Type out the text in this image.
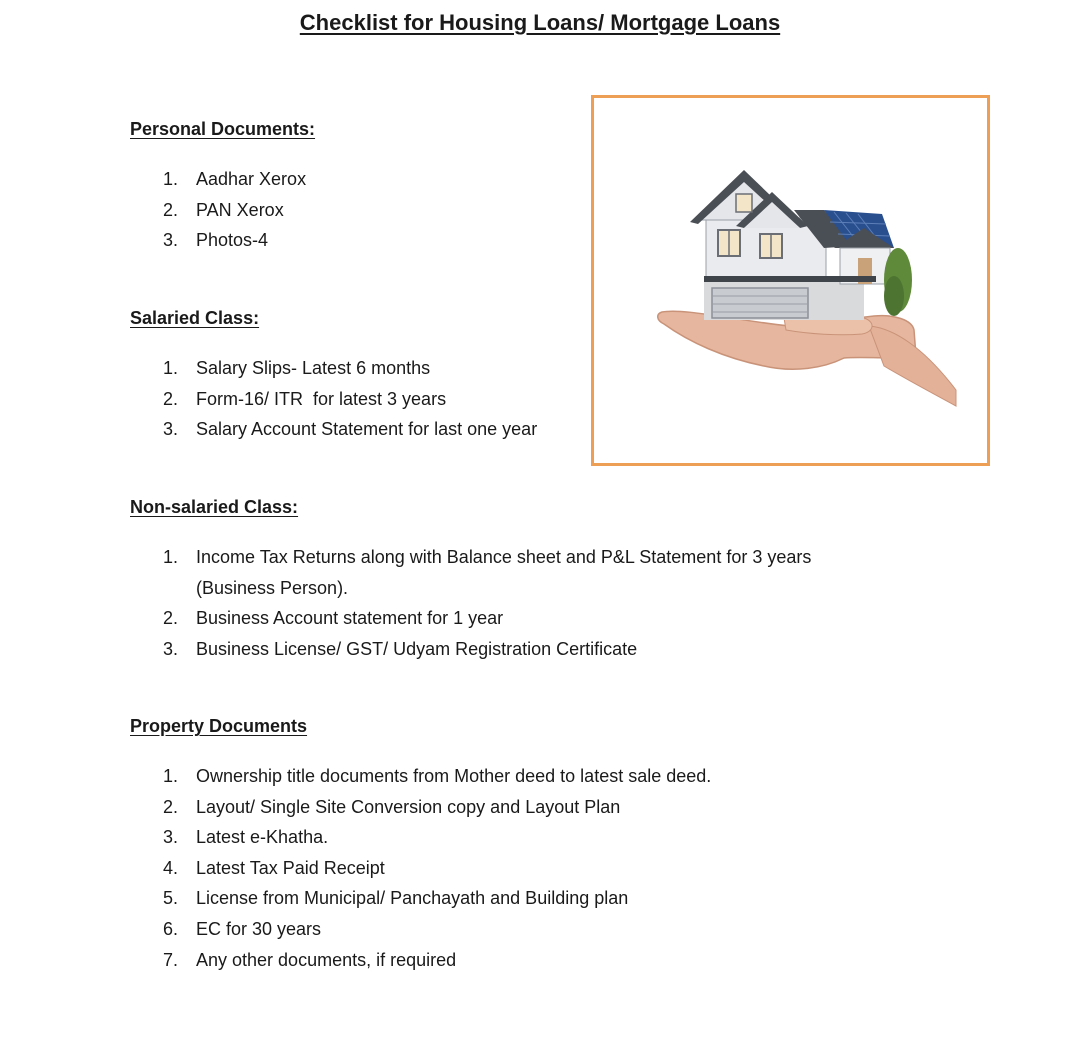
Checklist for Housing Loans/ Mortgage Loans
Personal Documents:
1. Aadhar Xerox
2. PAN Xerox
3. Photos-4
Salaried Class:
1. Salary Slips- Latest 6 months
2. Form-16/ ITR  for latest 3 years
3. Salary Account Statement for last one year
Non-salaried Class:
1. Income Tax Returns along with Balance sheet and P&L Statement for 3 years
(Business Person).
2. Business Account statement for 1 year
3. Business License/ GST/ Udyam Registration Certificate
Property Documents
1. Ownership title documents from Mother deed to latest sale deed.
2. Layout/ Single Site Conversion copy and Layout Plan
3. Latest e-Khatha.
4. Latest Tax Paid Receipt
5. License from Municipal/ Panchayath and Building plan
6. EC for 30 years
7. Any other documents, if required
